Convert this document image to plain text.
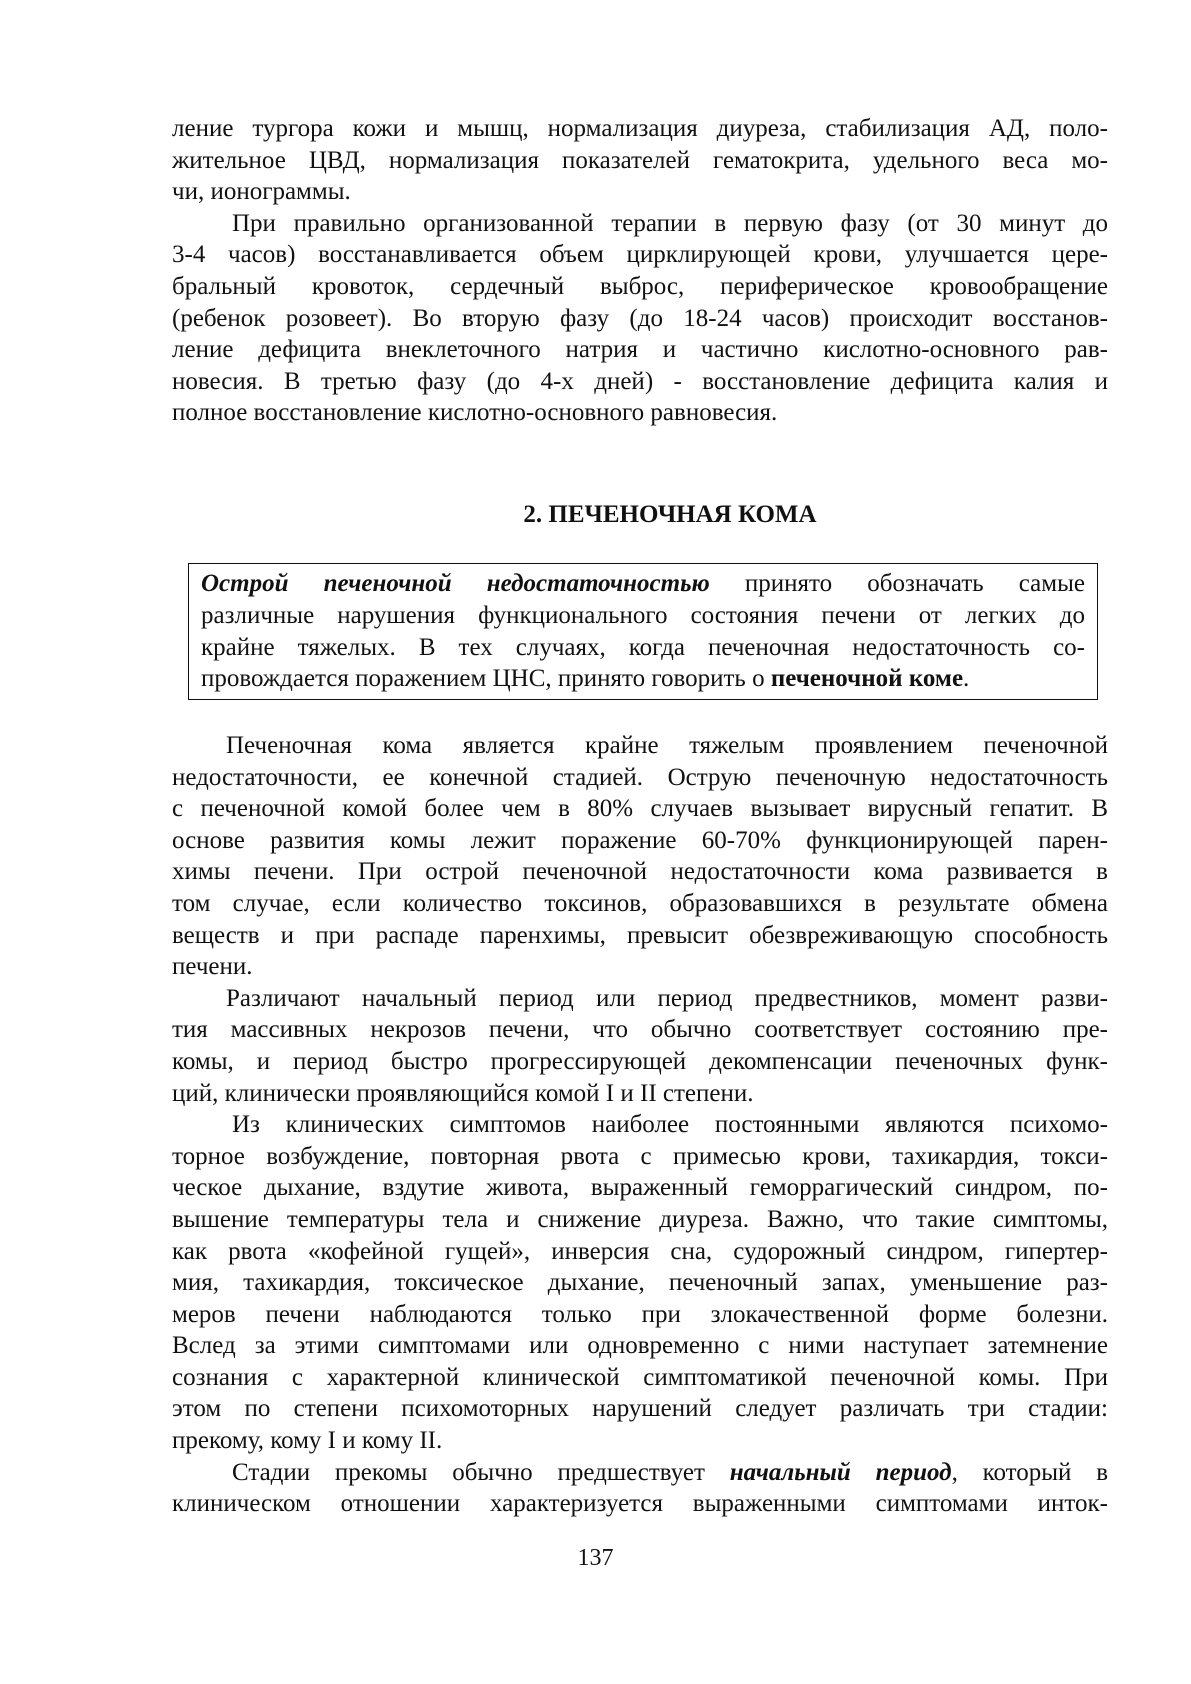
ление тургора кожи и мышц, нормализация диуреза, стабилизация АД, поло-
жительное ЦВД, нормализация показателей гематокрита, удельного веса мо-
чи, ионограммы.
При правильно организованной терапии в первую фазу (от 30 минут до
3-4 часов) восстанавливается объем цирклирующей крови, улучшается цере-
бральный кровоток, сердечный выброс, периферическое кровообращение
(ребенок розовеет). Во вторую фазу (до 18-24 часов) происходит восстанов-
ление дефицита внеклеточного натрия и частично кислотно-основного рав-
новесия. В третью фазу (до 4-х дней) - восстановление дефицита калия и
полное восстановление кислотно-основного равновесия.
2. ПЕЧЕНОЧНАЯ КОМА
Острой печеночной недостаточностью принято обозначать самые
различные нарушения функционального состояния печени от легких до
крайне тяжелых. В тех случаях, когда печеночная недостаточность со-
провождается поражением ЦНС, принято говорить о печеночной коме.
Печеночная кома является крайне тяжелым проявлением печеночной
недостаточности, ее конечной стадией. Острую печеночную недостаточность
с печеночной комой более чем в 80% случаев вызывает вирусный гепатит. В
основе развития комы лежит поражение 60-70% функционирующей парен-
химы печени. При острой печеночной недостаточности кома развивается в
том случае, если количество токсинов, образовавшихся в результате обмена
веществ и при распаде паренхимы, превысит обезвреживающую способность
печени.
Различают начальный период или период предвестников, момент разви-
тия массивных некрозов печени, что обычно соответствует состоянию пре-
комы, и период быстро прогрессирующей декомпенсации печеночных функ-
ций, клинически проявляющийся комой I и II степени.
Из клинических симптомов наиболее постоянными являются психомо-
торное возбуждение, повторная рвота с примесью крови, тахикардия, токси-
ческое дыхание, вздутие живота, выраженный геморрагический синдром, по-
вышение температуры тела и снижение диуреза. Важно, что такие симптомы,
как рвота «кофейной гущей», инверсия сна, судорожный синдром, гипертер-
мия, тахикардия, токсическое дыхание, печеночный запах, уменьшение раз-
меров печени наблюдаются только при злокачественной форме болезни.
Вслед за этими симптомами или одновременно с ними наступает затемнение
сознания с характерной клинической симптоматикой печеночной комы. При
этом по степени психомоторных нарушений следует различать три стадии:
прекому, кому I и кому II.
Стадии прекомы обычно предшествует начальный период, который в
клиническом отношении характеризуется выраженными симптомами инток-
137
